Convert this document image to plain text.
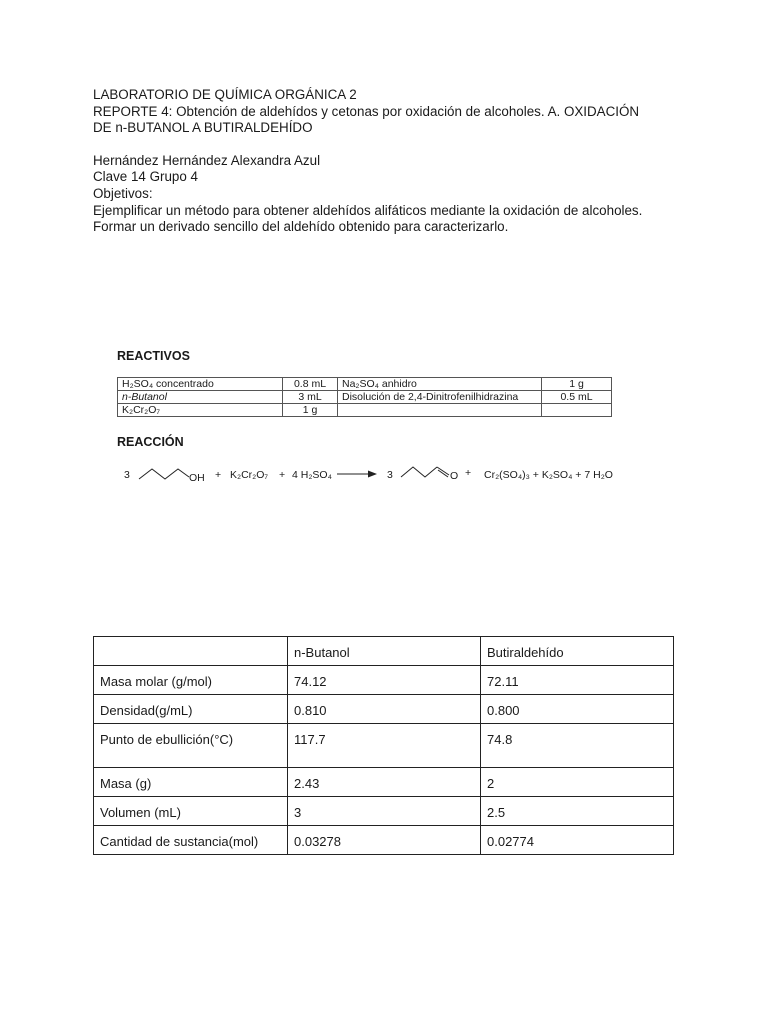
LABORATORIO DE QUÍMICA ORGÁNICA 2
REPORTE 4: Obtención de aldehídos y cetonas por oxidación de alcoholes. A. OXIDACIÓN
DE n-BUTANOL A BUTIRALDEHÍDO
Hernández Hernández Alexandra Azul
Clave 14 Grupo 4
Objetivos:
Ejemplificar un método para obtener aldehídos alifáticos mediante la oxidación de alcoholes.
Formar un derivado sencillo del aldehído obtenido para caracterizarlo.
REACTIVOS
H₂SO₄ concentrado	0.8 mL	Na₂SO₄ anhidro	1 g
n-Butanol	3 mL	Disolución de 2,4-Dinitrofenilhidrazina	0.5 mL
K₂Cr₂O₇	1 g		
REACCIÓN
3	OH + K₂Cr₂O₇ + 4 H₂SO₄ → 3	O + Cr₂(SO₄)₃ + K₂SO₄ + 7 H₂O
	n-Butanol	Butiraldehído
Masa molar (g/mol)	74.12	72.11
Densidad(g/mL)	0.810	0.800
Punto de ebullición(°C)	117.7	74.8
Masa (g)	2.43	2
Volumen (mL)	3	2.5
Cantidad de sustancia(mol)	0.03278	0.02774
